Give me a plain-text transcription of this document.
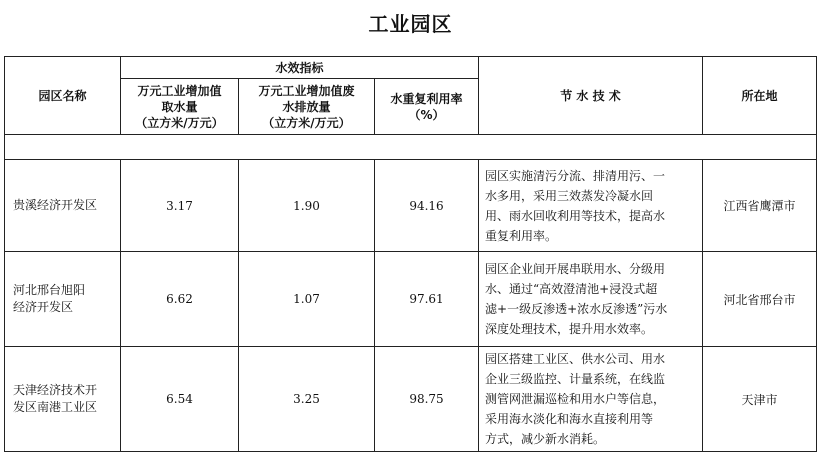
工业园区
园区名称	水效指标			节 水 技 术	所在地

	万元工业增加值
取水量
（立方米/万元）	万元工业增加值废
水排放量
（立方米/万元）	水重复利用率
（%）		

贵溪经济开发区	3.17	1.90	94.16	园区实施清污分流、排清用污、一
水多用，采用三效蒸发冷凝水回
用、雨水回收利用等技术，提高水
重复利用率。	江西省鹰潭市

河北邢台旭阳
经济开发区	6.62	1.07	97.61	园区企业间开展串联用水、分级用
水、通过“高效澄清池+浸没式超
滤+一级反渗透+浓水反渗透”污水
深度处理技术，提升用水效率。	河北省邢台市

天津经济技术开
发区南港工业区	6.54	3.25	98.75	园区搭建工业区、供水公司、用水
企业三级监控、计量系统，在线监
测管网泄漏巡检和用水户等信息，
采用海水淡化和海水直接利用等
方式，减少新水消耗。	天津市
